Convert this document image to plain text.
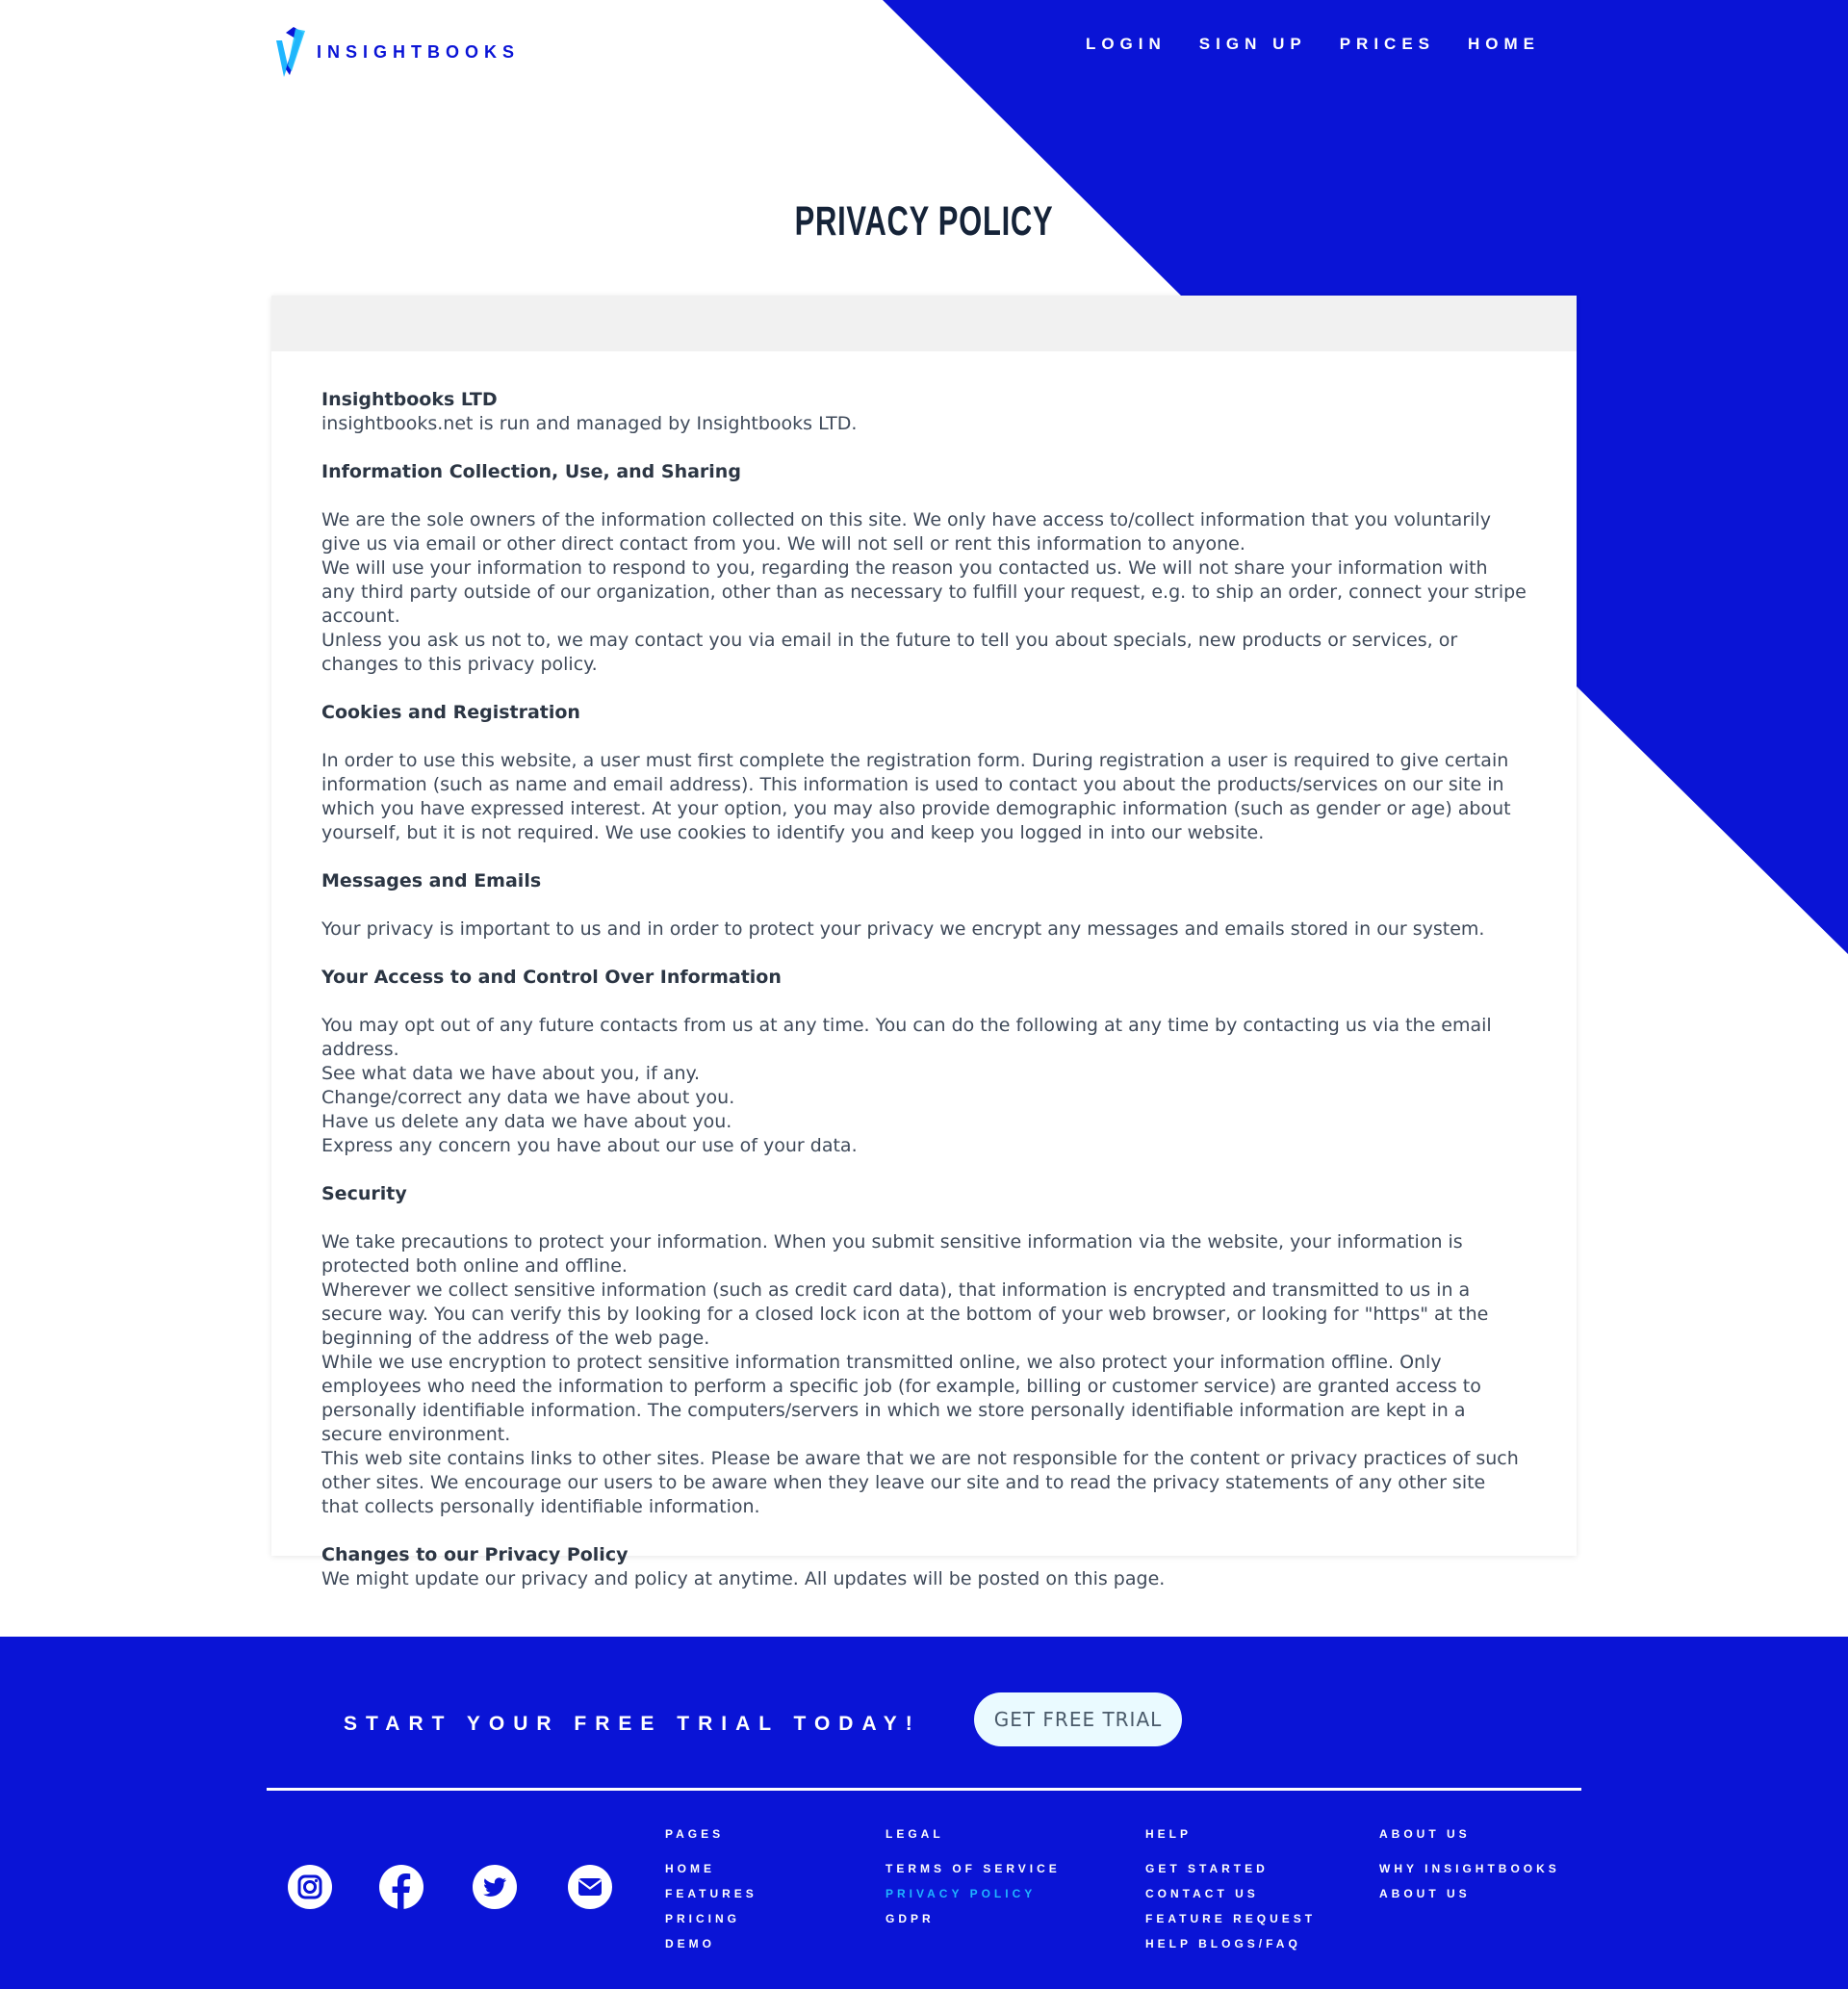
INSIGHTBOOKS	LOGIN SIGN UP PRICES HOME
PRIVACY POLICY

Insightbooks LTD

insightbooks.net is run and managed by Insightbooks LTD.

Information Collection, Use, and Sharing

We are the sole owners of the information collected on this site. We only have access to/collect information that you voluntarily give us via email or other direct contact from you. We will not sell or rent this information to anyone.

We will use your information to respond to you, regarding the reason you contacted us. We will not share your information with any third party outside of our organization, other than as necessary to fulfill your request, e.g. to ship an order, connect your stripe account.

Unless you ask us not to, we may contact you via email in the future to tell you about specials, new products or services, or changes to this privacy policy.

Cookies and Registration

In order to use this website, a user must first complete the registration form. During registration a user is required to give certain information (such as name and email address). This information is used to contact you about the products/services on our site in which you have expressed interest. At your option, you may also provide demographic information (such as gender or age) about yourself, but it is not required. We use cookies to identify you and keep you logged in into our website.

Messages and Emails

Your privacy is important to us and in order to protect your privacy we encrypt any messages and emails stored in our system.

Your Access to and Control Over Information

You may opt out of any future contacts from us at any time. You can do the following at any time by contacting us via the email address.

See what data we have about you, if any.

Change/correct any data we have about you.

Have us delete any data we have about you.

Express any concern you have about our use of your data.

Security

We take precautions to protect your information. When you submit sensitive information via the website, your information is protected both online and offline.

Wherever we collect sensitive information (such as credit card data), that information is encrypted and transmitted to us in a secure way. You can verify this by looking for a closed lock icon at the bottom of your web browser, or looking for "https" at the beginning of the address of the web page.

While we use encryption to protect sensitive information transmitted online, we also protect your information offline. Only employees who need the information to perform a specific job (for example, billing or customer service) are granted access to personally identifiable information. The computers/servers in which we store personally identifiable information are kept in a secure environment.

This web site contains links to other sites. Please be aware that we are not responsible for the content or privacy practices of such other sites. We encourage our users to be aware when they leave our site and to read the privacy statements of any other site that collects personally identifiable information.

Changes to our Privacy Policy

We might update our privacy and policy at anytime. All updates will be posted on this page.

START YOUR FREE TRIAL TODAY!	GET FREE TRIAL
PAGES
HOME
FEATURES
PRICING
DEMO
LEGAL
TERMS OF SERVICE
PRIVACY POLICY
GDPR
HELP
GET STARTED
CONTACT US
FEATURE REQUEST
HELP BLOGS/FAQ
ABOUT US
WHY INSIGHTBOOKS
ABOUT US
